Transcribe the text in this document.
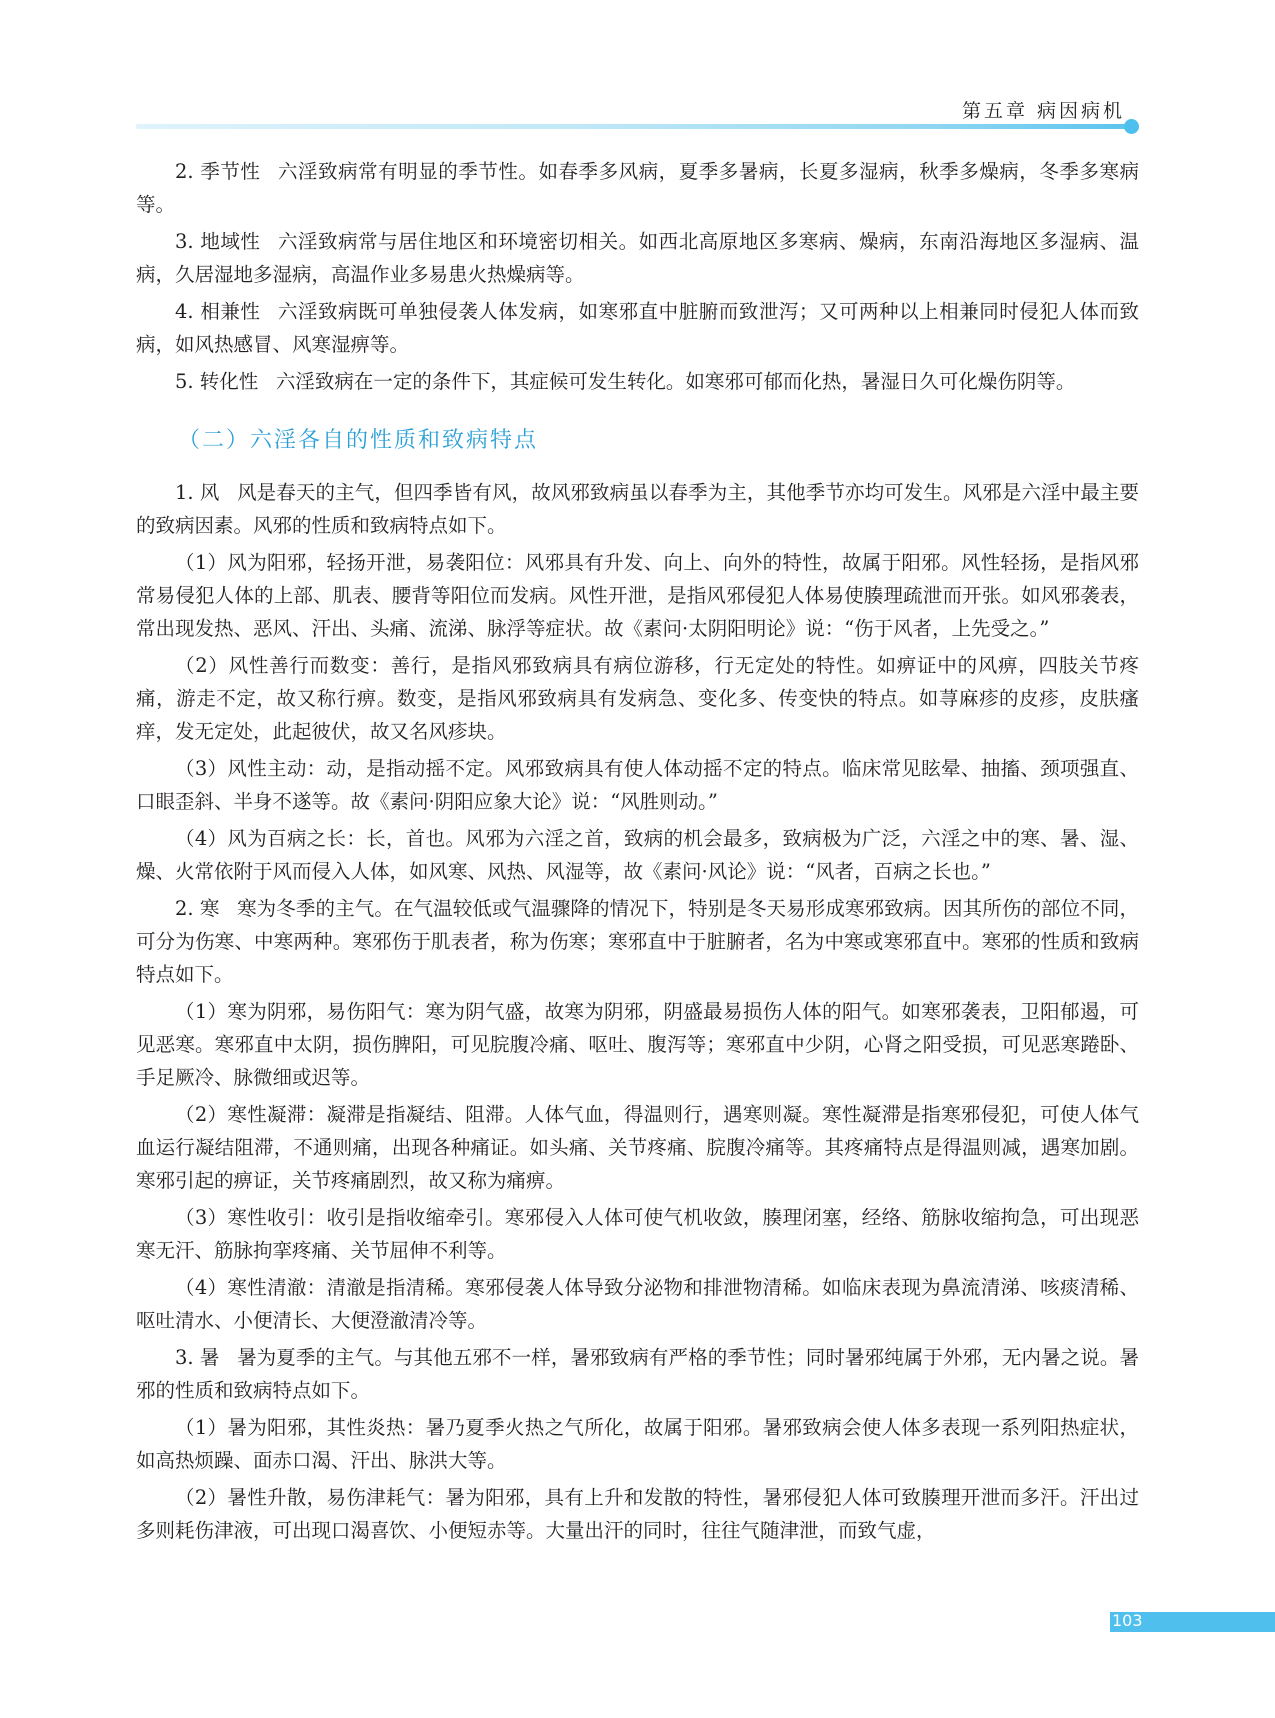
第五章 病因病机

2. 季节性 六淫致病常有明显的季节性。如春季多风病，夏季多暑病，长夏多湿病，秋季多燥病，冬季多寒病等。

3. 地域性 六淫致病常与居住地区和环境密切相关。如西北高原地区多寒病、燥病，东南沿海地区多湿病、温病，久居湿地多湿病，高温作业多易患火热燥病等。

4. 相兼性 六淫致病既可单独侵袭人体发病，如寒邪直中脏腑而致泄泻；又可两种以上相兼同时侵犯人体而致病，如风热感冒、风寒湿痹等。

5. 转化性 六淫致病在一定的条件下，其症候可发生转化。如寒邪可郁而化热，暑湿日久可化燥伤阴等。

（二）六淫各自的性质和致病特点

1. 风 风是春天的主气，但四季皆有风，故风邪致病虽以春季为主，其他季节亦均可发生。风邪是六淫中最主要的致病因素。风邪的性质和致病特点如下。

（1）风为阳邪，轻扬开泄，易袭阳位：风邪具有升发、向上、向外的特性，故属于阳邪。风性轻扬，是指风邪常易侵犯人体的上部、肌表、腰背等阳位而发病。风性开泄，是指风邪侵犯人体易使腠理疏泄而开张。如风邪袭表，常出现发热、恶风、汗出、头痛、流涕、脉浮等症状。故《素问·太阴阳明论》说：“伤于风者，上先受之。”

（2）风性善行而数变：善行，是指风邪致病具有病位游移，行无定处的特性。如痹证中的风痹，四肢关节疼痛，游走不定，故又称行痹。数变，是指风邪致病具有发病急、变化多、传变快的特点。如荨麻疹的皮疹，皮肤瘙痒，发无定处，此起彼伏，故又名风疹块。

（3）风性主动：动，是指动摇不定。风邪致病具有使人体动摇不定的特点。临床常见眩晕、抽搐、颈项强直、口眼歪斜、半身不遂等。故《素问·阴阳应象大论》说：“风胜则动。”

（4）风为百病之长：长，首也。风邪为六淫之首，致病的机会最多，致病极为广泛，六淫之中的寒、暑、湿、燥、火常依附于风而侵入人体，如风寒、风热、风湿等，故《素问·风论》说：“风者，百病之长也。”

2. 寒 寒为冬季的主气。在气温较低或气温骤降的情况下，特别是冬天易形成寒邪致病。因其所伤的部位不同，可分为伤寒、中寒两种。寒邪伤于肌表者，称为伤寒；寒邪直中于脏腑者，名为中寒或寒邪直中。寒邪的性质和致病特点如下。

（1）寒为阴邪，易伤阳气：寒为阴气盛，故寒为阴邪，阴盛最易损伤人体的阳气。如寒邪袭表，卫阳郁遏，可见恶寒。寒邪直中太阴，损伤脾阳，可见脘腹冷痛、呕吐、腹泻等；寒邪直中少阴，心肾之阳受损，可见恶寒踡卧、手足厥冷、脉微细或迟等。

（2）寒性凝滞：凝滞是指凝结、阻滞。人体气血，得温则行，遇寒则凝。寒性凝滞是指寒邪侵犯，可使人体气血运行凝结阻滞，不通则痛，出现各种痛证。如头痛、关节疼痛、脘腹冷痛等。其疼痛特点是得温则减，遇寒加剧。寒邪引起的痹证，关节疼痛剧烈，故又称为痛痹。

（3）寒性收引：收引是指收缩牵引。寒邪侵入人体可使气机收敛，腠理闭塞，经络、筋脉收缩拘急，可出现恶寒无汗、筋脉拘挛疼痛、关节屈伸不利等。

（4）寒性清澈：清澈是指清稀。寒邪侵袭人体导致分泌物和排泄物清稀。如临床表现为鼻流清涕、咳痰清稀、呕吐清水、小便清长、大便澄澈清冷等。

3. 暑 暑为夏季的主气。与其他五邪不一样，暑邪致病有严格的季节性；同时暑邪纯属于外邪，无内暑之说。暑邪的性质和致病特点如下。

（1）暑为阳邪，其性炎热：暑乃夏季火热之气所化，故属于阳邪。暑邪致病会使人体多表现一系列阳热症状，如高热烦躁、面赤口渴、汗出、脉洪大等。

（2）暑性升散，易伤津耗气：暑为阳邪，具有上升和发散的特性，暑邪侵犯人体可致腠理开泄而多汗。汗出过多则耗伤津液，可出现口渴喜饮、小便短赤等。大量出汗的同时，往往气随津泄，而致气虚，

103
